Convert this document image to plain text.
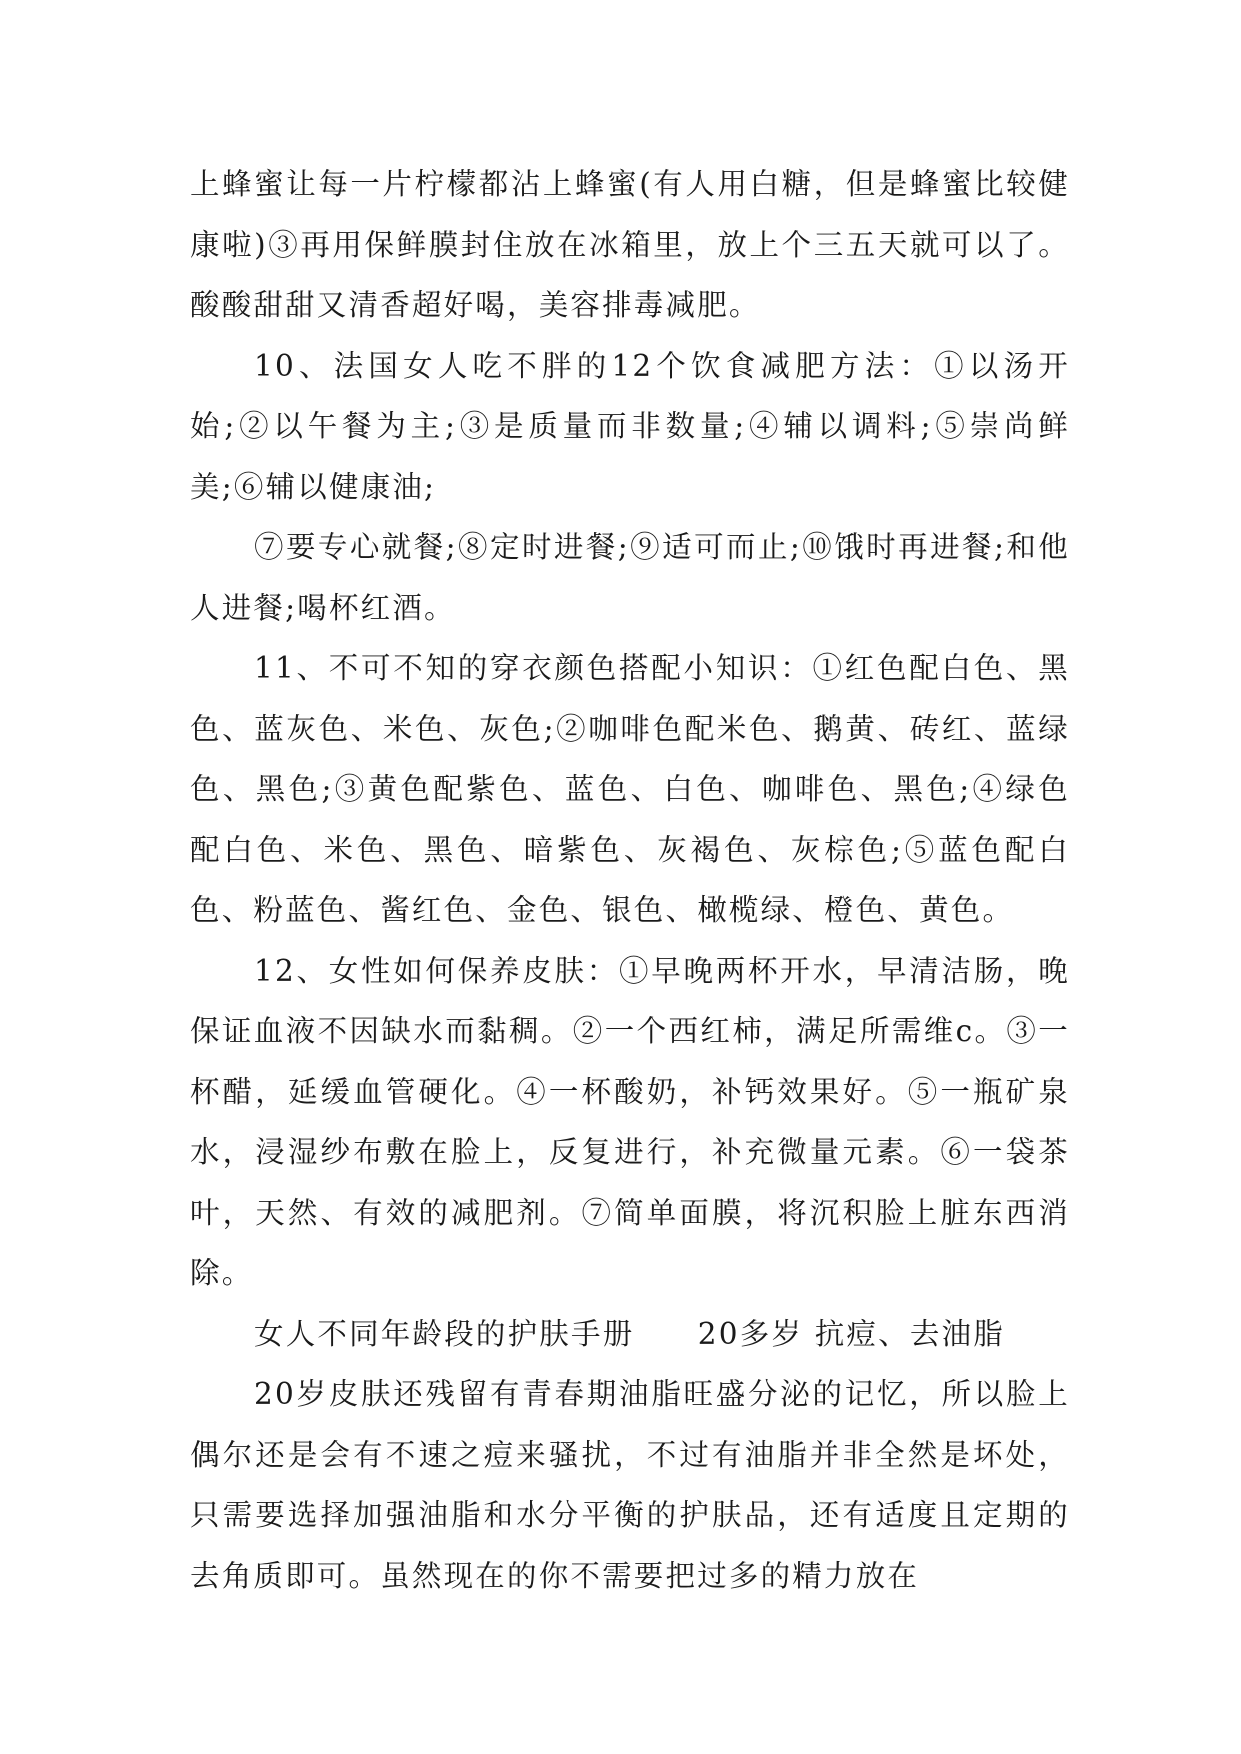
上蜂蜜让每一片柠檬都沾上蜂蜜(有人用白糖，但是蜂蜜比较健康啦)③再用保鲜膜封住放在冰箱里，放上个三五天就可以了。酸酸甜甜又清香超好喝，美容排毒减肥。

10、法国女人吃不胖的12个饮食减肥方法：①以汤开始;②以午餐为主;③是质量而非数量;④辅以调料;⑤崇尚鲜美;⑥辅以健康油;

⑦要专心就餐;⑧定时进餐;⑨适可而止;⑩饿时再进餐;和他人进餐;喝杯红酒。

11、不可不知的穿衣颜色搭配小知识：①红色配白色、黑色、蓝灰色、米色、灰色;②咖啡色配米色、鹅黄、砖红、蓝绿色、黑色;③黄色配紫色、蓝色、白色、咖啡色、黑色;④绿色配白色、米色、黑色、暗紫色、灰褐色、灰棕色;⑤蓝色配白色、粉蓝色、酱红色、金色、银色、橄榄绿、橙色、黄色。

12、女性如何保养皮肤：①早晚两杯开水，早清洁肠，晚保证血液不因缺水而黏稠。②一个西红柿，满足所需维c。③一杯醋，延缓血管硬化。④一杯酸奶，补钙效果好。⑤一瓶矿泉水，浸湿纱布敷在脸上，反复进行，补充微量元素。⑥一袋茶叶，天然、有效的减肥剂。⑦简单面膜，将沉积脸上脏东西消除。

女人不同年龄段的护肤手册　　20多岁 抗痘、去油脂

20岁皮肤还残留有青春期油脂旺盛分泌的记忆，所以脸上偶尔还是会有不速之痘来骚扰，不过有油脂并非全然是坏处，只需要选择加强油脂和水分平衡的护肤品，还有适度且定期的去角质即可。虽然现在的你不需要把过多的精力放在
